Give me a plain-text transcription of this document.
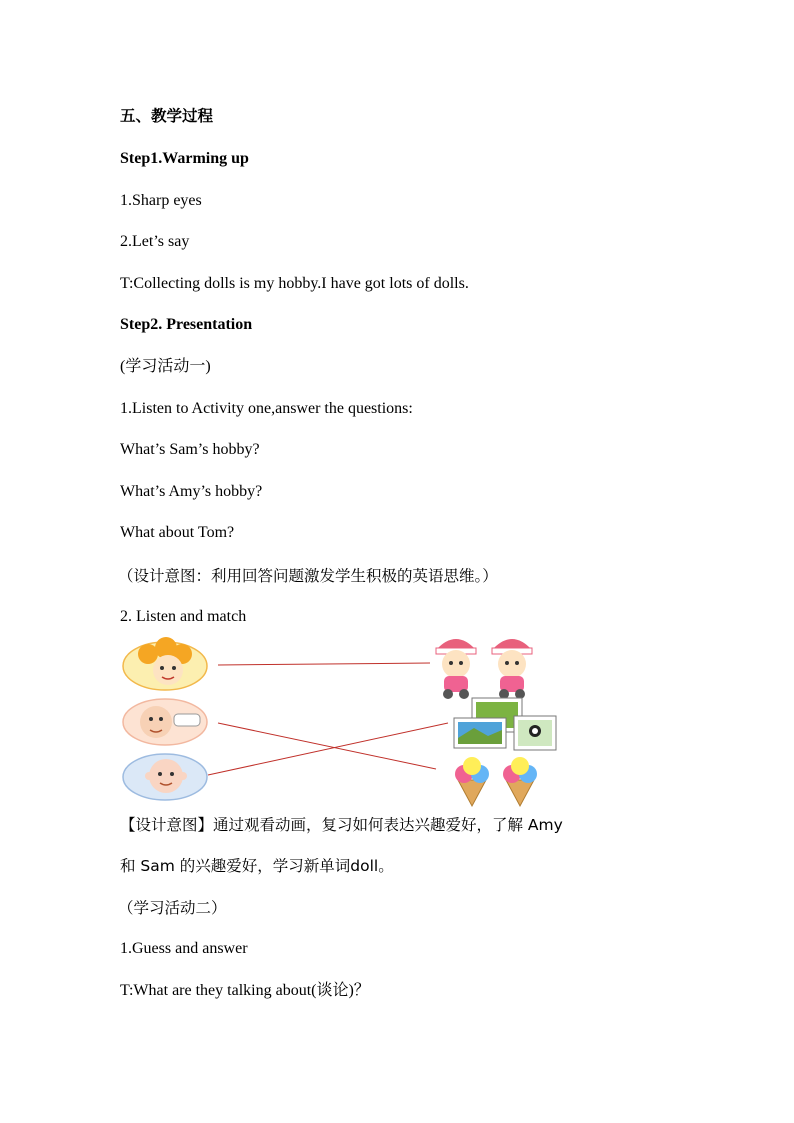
五、教学过程
Step1.Warming up
1.Sharp eyes
2.Let’s say
T:Collecting dolls is my hobby.I have got lots of dolls.
Step2. Presentation
(学习活动一)
1.Listen to Activity one,answer the questions:
What’s Sam’s hobby?
What’s Amy’s hobby?
What about Tom?
（设计意图：利用回答问题激发学生积极的英语思维。）
2. Listen and match
【设计意图】通过观看动画，复习如何表达兴趣爱好，了解 Amy
和 Sam 的兴趣爱好，学习新单词doll。
（学习活动二）
1.Guess and answer
T:What are they talking about(谈论)？
